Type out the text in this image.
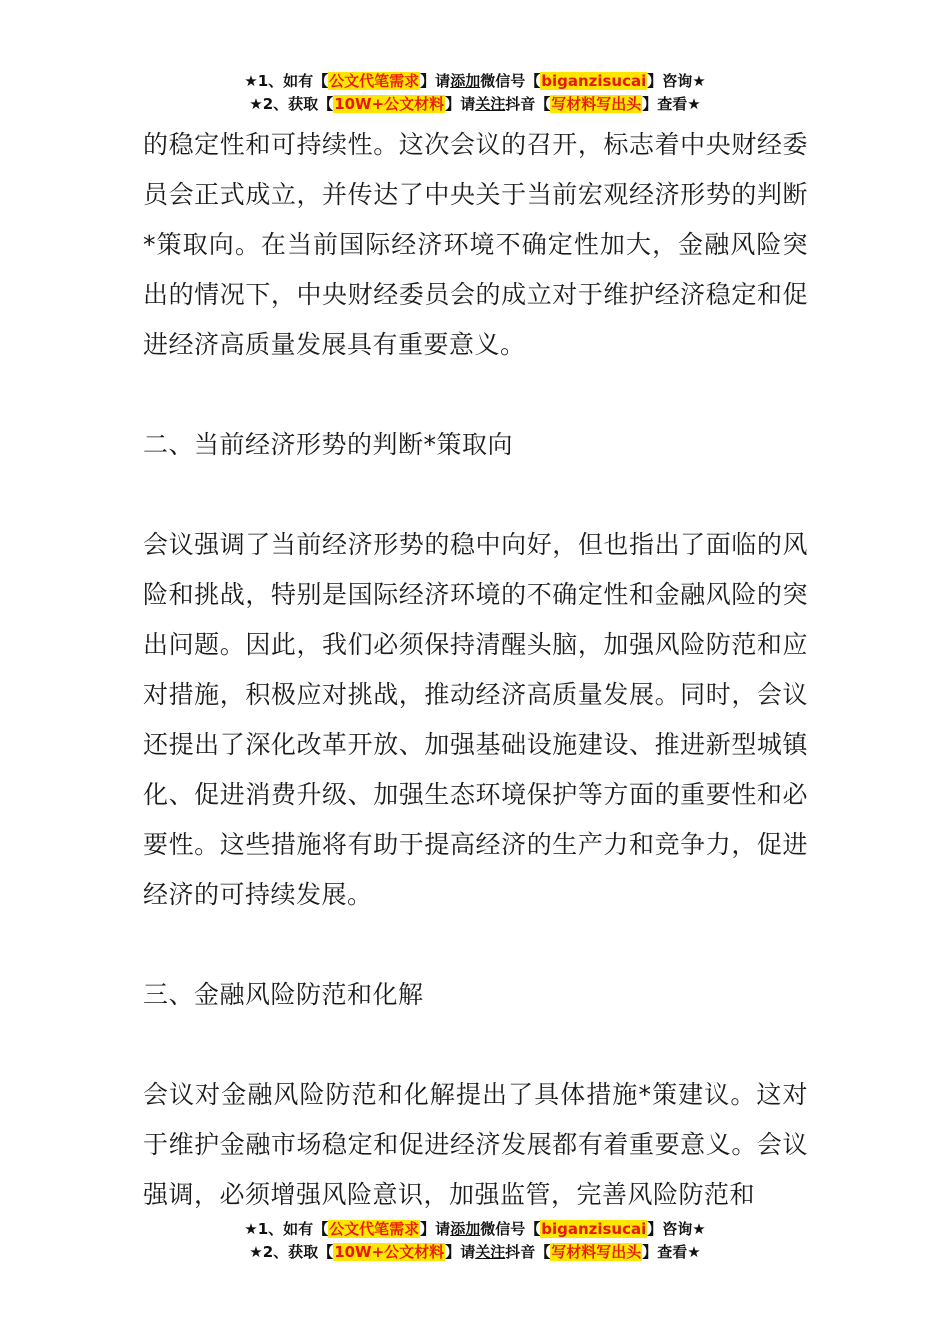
★1、如有【公文代笔需求】请添加微信号【biganzisucai】咨询★
★2、获取【10W+公文材料】请关注抖音【写材料写出头】查看★

的稳定性和可持续性。这次会议的召开，标志着中央财经委员会正式成立，并传达了中央关于当前宏观经济形势的判断*策取向。在当前国际经济环境不确定性加大，金融风险突出的情况下，中央财经委员会的成立对于维护经济稳定和促进经济高质量发展具有重要意义。

二、当前经济形势的判断*策取向

会议强调了当前经济形势的稳中向好，但也指出了面临的风险和挑战，特别是国际经济环境的不确定性和金融风险的突出问题。因此，我们必须保持清醒头脑，加强风险防范和应对措施，积极应对挑战，推动经济高质量发展。同时，会议还提出了深化改革开放、加强基础设施建设、推进新型城镇化、促进消费升级、加强生态环境保护等方面的重要性和必要性。这些措施将有助于提高经济的生产力和竞争力，促进经济的可持续发展。

三、金融风险防范和化解

会议对金融风险防范和化解提出了具体措施*策建议。这对于维护金融市场稳定和促进经济发展都有着重要意义。会议强调，必须增强风险意识，加强监管，完善风险防范和

★1、如有【公文代笔需求】请添加微信号【biganzisucai】咨询★
★2、获取【10W+公文材料】请关注抖音【写材料写出头】查看★
